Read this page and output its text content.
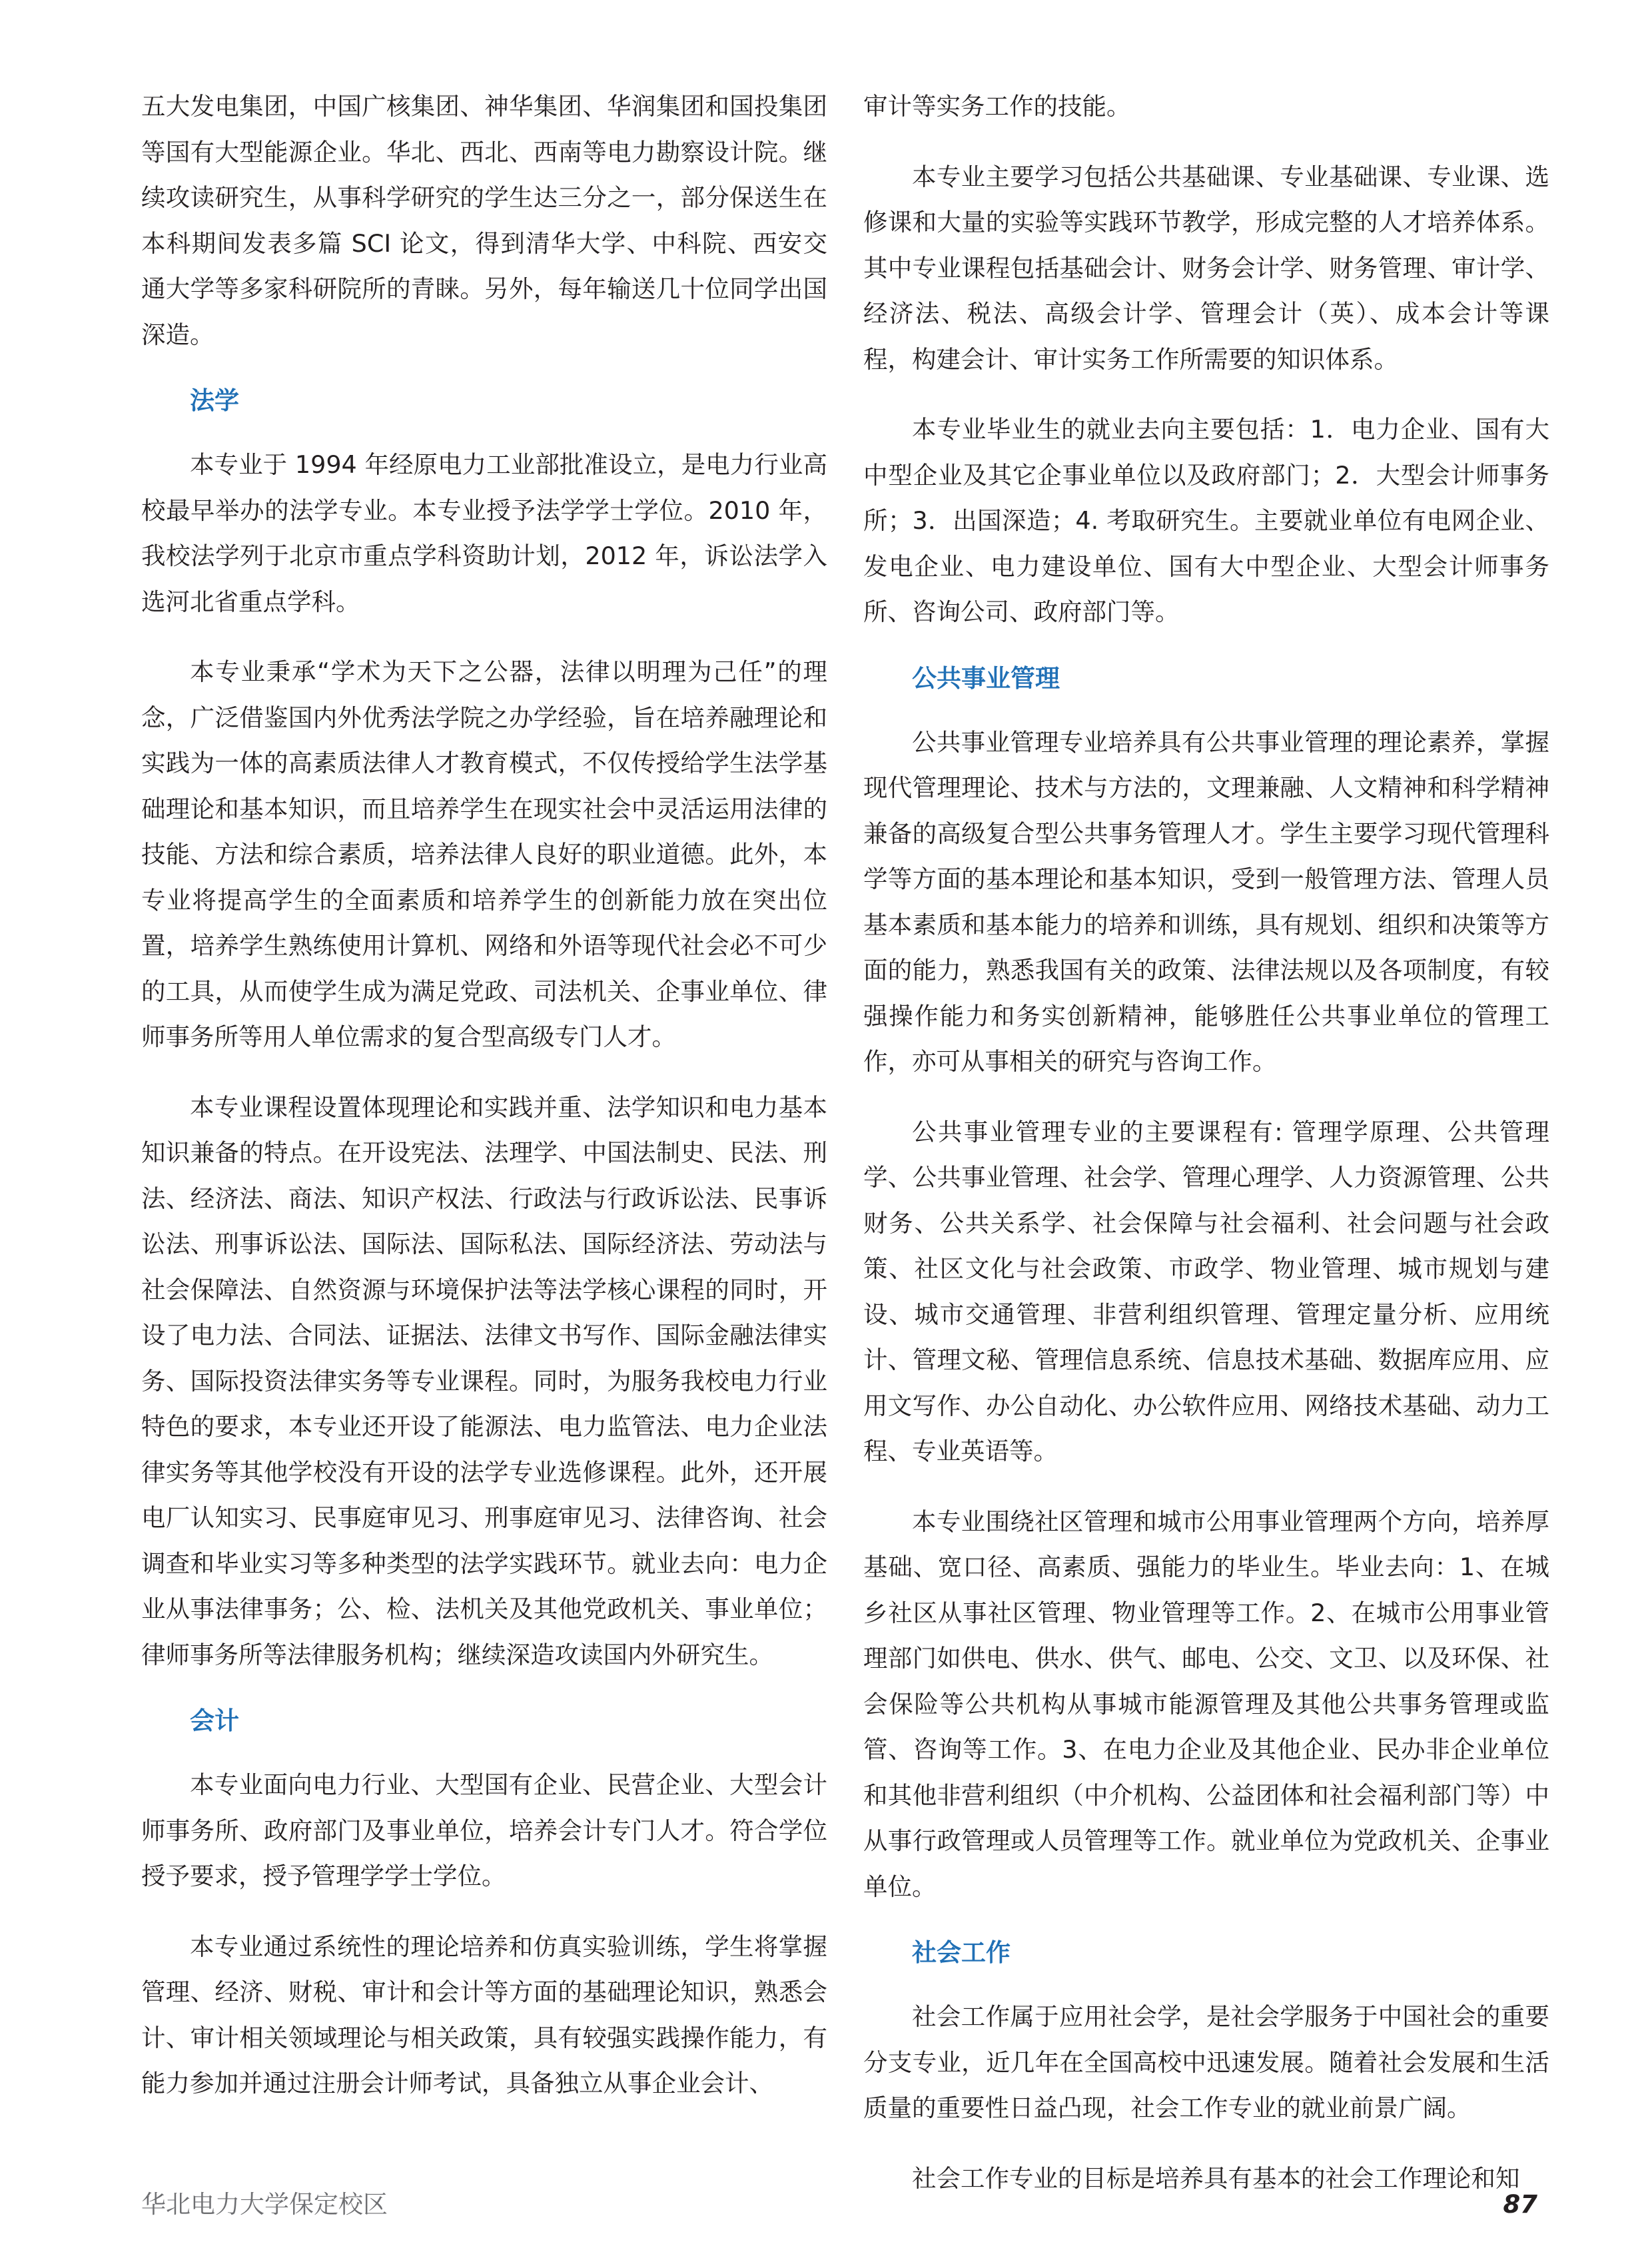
五大发电集团，中国广核集团、神华集团、华润集团和国投集团等国有大型能源企业。华北、西北、西南等电力勘察设计院。继续攻读研究生，从事科学研究的学生达三分之一，部分保送生在本科期间发表多篇 SCI 论文，得到清华大学、中科院、西安交通大学等多家科研院所的青睐。另外，每年输送几十位同学出国深造。

法学

本专业于 1994 年经原电力工业部批准设立，是电力行业高校最早举办的法学专业。本专业授予法学学士学位。2010 年，我校法学列于北京市重点学科资助计划，2012 年，诉讼法学入选河北省重点学科。

本专业秉承“学术为天下之公器，法律以明理为己任”的理念，广泛借鉴国内外优秀法学院之办学经验，旨在培养融理论和实践为一体的高素质法律人才教育模式，不仅传授给学生法学基础理论和基本知识，而且培养学生在现实社会中灵活运用法律的技能、方法和综合素质，培养法律人良好的职业道德。此外，本专业将提高学生的全面素质和培养学生的创新能力放在突出位置，培养学生熟练使用计算机、网络和外语等现代社会必不可少的工具，从而使学生成为满足党政、司法机关、企事业单位、律师事务所等用人单位需求的复合型高级专门人才。

本专业课程设置体现理论和实践并重、法学知识和电力基本知识兼备的特点。在开设宪法、法理学、中国法制史、民法、刑法、经济法、商法、知识产权法、行政法与行政诉讼法、民事诉讼法、刑事诉讼法、国际法、国际私法、国际经济法、劳动法与社会保障法、自然资源与环境保护法等法学核心课程的同时，开设了电力法、合同法、证据法、法律文书写作、国际金融法律实务、国际投资法律实务等专业课程。同时，为服务我校电力行业特色的要求，本专业还开设了能源法、电力监管法、电力企业法律实务等其他学校没有开设的法学专业选修课程。此外，还开展电厂认知实习、民事庭审见习、刑事庭审见习、法律咨询、社会调查和毕业实习等多种类型的法学实践环节。就业去向：电力企业从事法律事务；公、检、法机关及其他党政机关、事业单位；律师事务所等法律服务机构；继续深造攻读国内外研究生。

会计

本专业面向电力行业、大型国有企业、民营企业、大型会计师事务所、政府部门及事业单位，培养会计专门人才。符合学位授予要求，授予管理学学士学位。

本专业通过系统性的理论培养和仿真实验训练，学生将掌握管理、经济、财税、审计和会计等方面的基础理论知识，熟悉会计、审计相关领域理论与相关政策，具有较强实践操作能力，有能力参加并通过注册会计师考试，具备独立从事企业会计、

审计等实务工作的技能。

本专业主要学习包括公共基础课、专业基础课、专业课、选修课和大量的实验等实践环节教学，形成完整的人才培养体系。其中专业课程包括基础会计、财务会计学、财务管理、审计学、经济法、税法、高级会计学、管理会计（英）、成本会计等课程，构建会计、审计实务工作所需要的知识体系。

本专业毕业生的就业去向主要包括：1．电力企业、国有大中型企业及其它企事业单位以及政府部门；2．大型会计师事务所；3．出国深造；4. 考取研究生。主要就业单位有电网企业、发电企业、电力建设单位、国有大中型企业、大型会计师事务所、咨询公司、政府部门等。

公共事业管理

公共事业管理专业培养具有公共事业管理的理论素养，掌握现代管理理论、技术与方法的，文理兼融、人文精神和科学精神兼备的高级复合型公共事务管理人才。学生主要学习现代管理科学等方面的基本理论和基本知识，受到一般管理方法、管理人员基本素质和基本能力的培养和训练，具有规划、组织和决策等方面的能力，熟悉我国有关的政策、法律法规以及各项制度，有较强操作能力和务实创新精神，能够胜任公共事业单位的管理工作，亦可从事相关的研究与咨询工作。

公共事业管理专业的主要课程有: 管理学原理、公共管理学、公共事业管理、社会学、管理心理学、人力资源管理、公共财务、公共关系学、社会保障与社会福利、社会问题与社会政策、社区文化与社会政策、市政学、物业管理、城市规划与建设、城市交通管理、非营利组织管理、管理定量分析、应用统计、管理文秘、管理信息系统、信息技术基础、数据库应用、应用文写作、办公自动化、办公软件应用、网络技术基础、动力工程、专业英语等。

本专业围绕社区管理和城市公用事业管理两个方向，培养厚基础、宽口径、高素质、强能力的毕业生。毕业去向：1、在城乡社区从事社区管理、物业管理等工作。2、在城市公用事业管理部门如供电、供水、供气、邮电、公交、文卫、以及环保、社会保险等公共机构从事城市能源管理及其他公共事务管理或监管、咨询等工作。3、在电力企业及其他企业、民办非企业单位和其他非营利组织（中介机构、公益团体和社会福利部门等）中从事行政管理或人员管理等工作。就业单位为党政机关、企事业单位。

社会工作

社会工作属于应用社会学，是社会学服务于中国社会的重要分支专业，近几年在全国高校中迅速发展。随着社会发展和生活质量的重要性日益凸现，社会工作专业的就业前景广阔。

社会工作专业的目标是培养具有基本的社会工作理论和知

华北电力大学保定校区	87
